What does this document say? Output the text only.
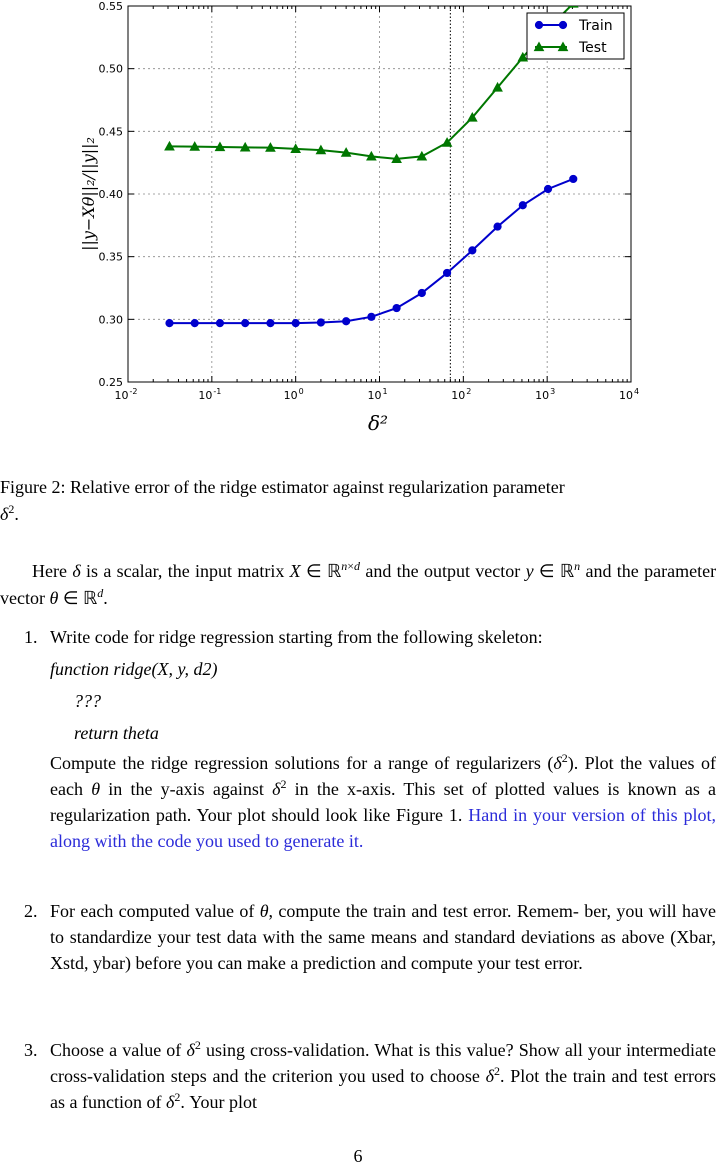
$10^{-2}$	$10^{-1}$	$10^0$	$10^1$	$10^2$	$10^3$	$10^4$
0.25
0.30
0.35
0.40
0.45
0.50
0.55
Train
Test
δ²
||y−Xθ||₂/||y||₂
Figure 2: Relative error of the ridge estimator against regularization parameter
$\delta^2$.
Here δ is a scalar, the input matrix X ∈ ℝ$^{n\times d}$ and the output vector y ∈ ℝ$^n$ and the parameter vector θ ∈ ℝ$^d$.
1. Write code for ridge regression starting from the following skeleton:
function ridge(X, y, d2)
???
return theta
Compute the ridge regression solutions for a range of regularizers $(\delta^2)$. Plot the values of each θ in the y-axis against $\delta^2$ in the x-axis. This set of plotted values is known as a regularization path. Your plot should look like Figure 1. Hand in your version of this plot, along with the code you used to generate it.
2. For each computed value of θ, compute the train and test error. Remem- ber, you will have to standardize your test data with the same means and standard deviations as above (Xbar, Xstd, ybar) before you can make a prediction and compute your test error.
3. Choose a value of $\delta^2$ using cross-validation. What is this value? Show all your intermediate cross-validation steps and the criterion you used to choose $\delta^2$. Plot the train and test errors as a function of $\delta^2$. Your plot
6
